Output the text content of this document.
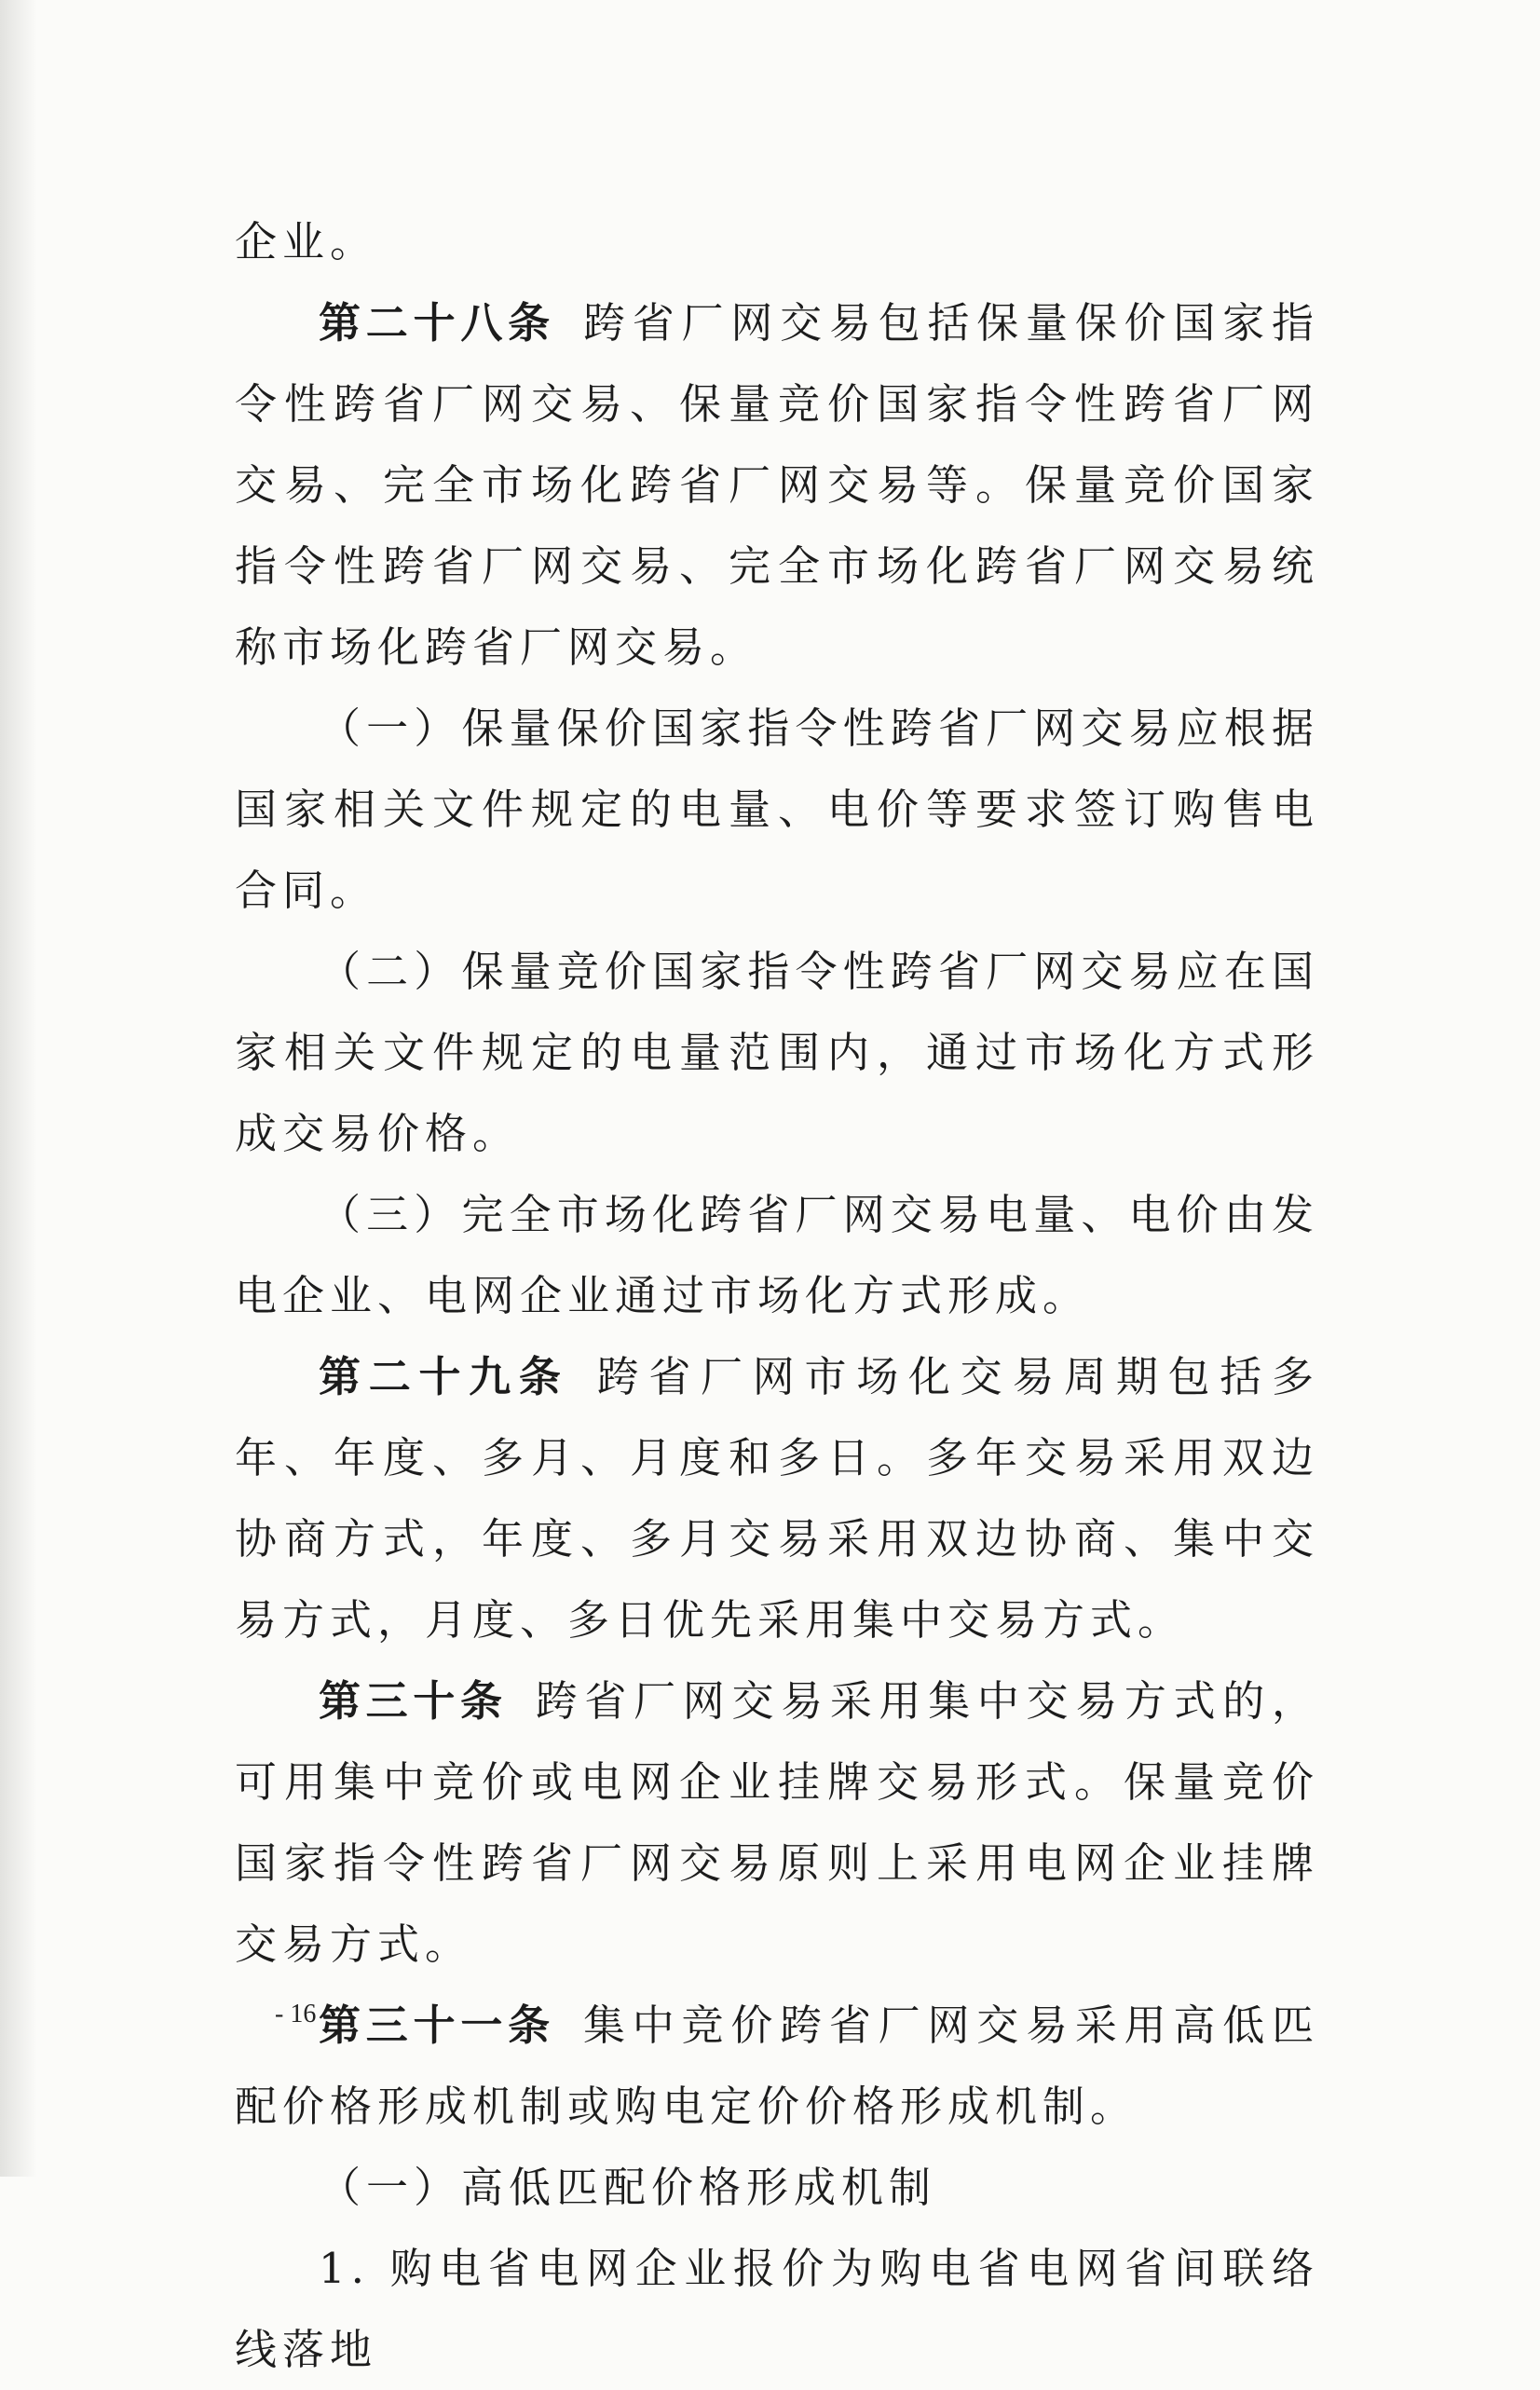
企业。

第二十八条 跨省厂网交易包括保量保价国家指令性跨省厂网交易、保量竞价国家指令性跨省厂网交易、完全市场化跨省厂网交易等。保量竞价国家指令性跨省厂网交易、完全市场化跨省厂网交易统称市场化跨省厂网交易。

（一）保量保价国家指令性跨省厂网交易应根据国家相关文件规定的电量、电价等要求签订购售电合同。

（二）保量竞价国家指令性跨省厂网交易应在国家相关文件规定的电量范围内，通过市场化方式形成交易价格。

（三）完全市场化跨省厂网交易电量、电价由发电企业、电网企业通过市场化方式形成。

第二十九条 跨省厂网市场化交易周期包括多年、年度、多月、月度和多日。多年交易采用双边协商方式，年度、多月交易采用双边协商、集中交易方式，月度、多日优先采用集中交易方式。

第三十条 跨省厂网交易采用集中交易方式的，可用集中竞价或电网企业挂牌交易形式。保量竞价国家指令性跨省厂网交易原则上采用电网企业挂牌交易方式。

第三十一条 集中竞价跨省厂网交易采用高低匹配价格形成机制或购电定价价格形成机制。

（一）高低匹配价格形成机制

1. 购电省电网企业报价为购电省电网省间联络线落地

- 16 -
